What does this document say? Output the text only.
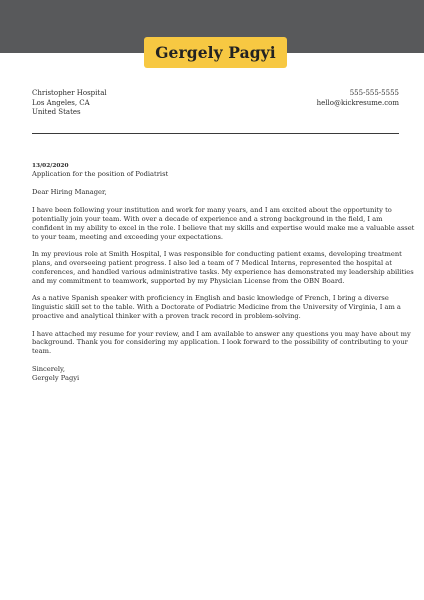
Gergely Pagyi
Christopher Hospital
Los Angeles, CA
United States
555-555-5555
hello@kickresume.com
13/02/2020
Application for the position of Podiatrist
Dear Hiring Manager,
I have been following your institution and work for many years, and I am excited about the opportunity to
potentially join your team. With over a decade of experience and a strong background in the field, I am
confident in my ability to excel in the role. I believe that my skills and expertise would make me a valuable asset
to your team, meeting and exceeding your expectations.
In my previous role at Smith Hospital, I was responsible for conducting patient exams, developing treatment
plans, and overseeing patient progress. I also led a team of 7 Medical Interns, represented the hospital at
conferences, and handled various administrative tasks. My experience has demonstrated my leadership abilities
and my commitment to teamwork, supported by my Physician License from the OBN Board.
As a native Spanish speaker with proficiency in English and basic knowledge of French, I bring a diverse
linguistic skill set to the table. With a Doctorate of Podiatric Medicine from the University of Virginia, I am a
proactive and analytical thinker with a proven track record in problem-solving.
I have attached my resume for your review, and I am available to answer any questions you may have about my
background. Thank you for considering my application. I look forward to the possibility of contributing to your
team.
Sincerely,
Gergely Pagyi
